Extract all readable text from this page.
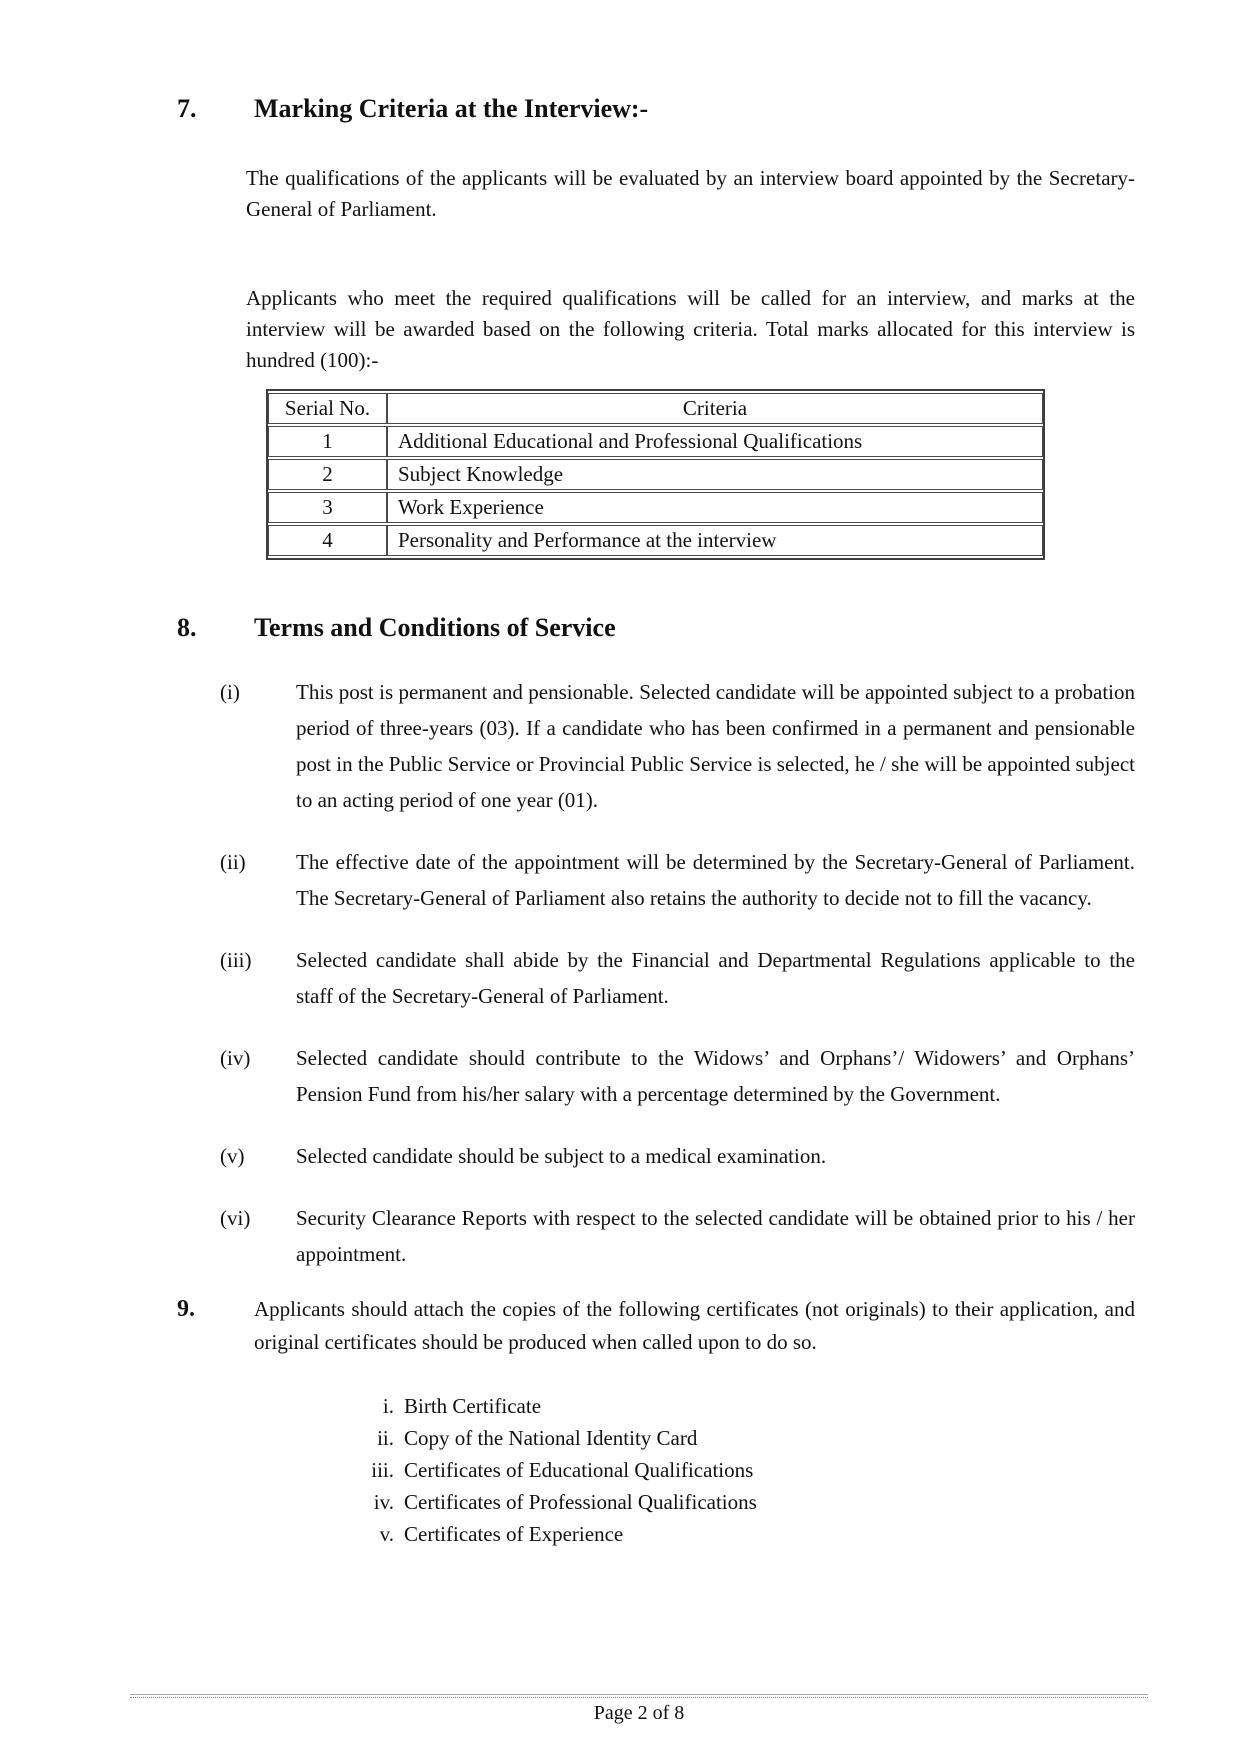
7.	Marking Criteria at the Interview:-

The qualifications of the applicants will be evaluated by an interview board appointed by the Secretary-General of Parliament.

Applicants who meet the required qualifications will be called for an interview, and marks at the interview will be awarded based on the following criteria. Total marks allocated for this interview is hundred (100):-

Serial No.	Criteria
1	Additional Educational and Professional Qualifications
2	Subject Knowledge
3	Work Experience
4	Personality and Performance at the interview
8.	Terms and Conditions of Service
(i)	This post is permanent and pensionable. Selected candidate will be appointed subject to a probation period of three-years (03). If a candidate who has been confirmed in a permanent and pensionable post in the Public Service or Provincial Public Service is selected, he / she will be appointed subject to an acting period of one year (01).

(ii)	The effective date of the appointment will be determined by the Secretary-General of Parliament. The Secretary-General of Parliament also retains the authority to decide not to fill the vacancy.

(iii)	Selected candidate shall abide by the Financial and Departmental Regulations applicable to the staff of the Secretary-General of Parliament.

(iv)	Selected candidate should contribute to the Widows’ and Orphans’/ Widowers’ and Orphans’ Pension Fund from his/her salary with a percentage determined by the Government.

(v)	Selected candidate should be subject to a medical examination.

(vi)	Security Clearance Reports with respect to the selected candidate will be obtained prior to his / her appointment.

9.	Applicants should attach the copies of the following certificates (not originals) to their application, and original certificates should be produced when called upon to do so.

i. Birth Certificate
ii. Copy of the National Identity Card
iii. Certificates of Educational Qualifications
iv. Certificates of Professional Qualifications
v. Certificates of Experience
Page 2 of 8
